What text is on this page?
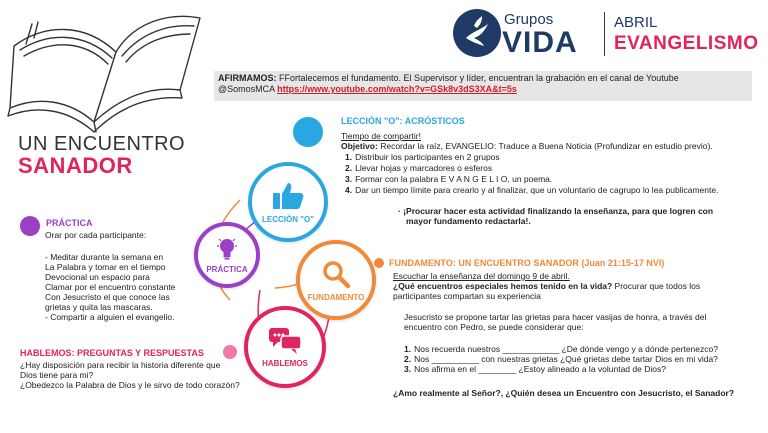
Grupos
VIDA
ABRIL
EVANGELISMO
AFIRMAMOS: FFortalecemos el fundamento. El Supervisor y líder, encuentran la grabación en el canal de Youtube
@SomosMCA https://www.youtube.com/watch?v=GSk8v3dS3XA&t=5s
UN ENCUENTRO
SANADOR
LECCIÓN "O"
PRÁCTICA
FUNDAMENTO
HABLEMOS
LECCIÓN "O": ACRÓSTICOS
Tiempo de compartir!
Objetivo: Recordar la raíz, EVANGELIO: Traduce a Buena Noticia (Profundizar en estudio previo).
1. Distribuir los participantes en 2 grupos
2. Llevar hojas y marcadores o esferos
3. Formar con la palabra E V A N G E L I O, un poema.
4. Dar un tiempo límite para crearlo y al finalizar, que un voluntario de cagrupo lo lea publicamente.
· ¡Procurar hacer esta actividad finalizando la enseñanza, para que logren con
mayor fundamento redactarla!.
PRÁCTICA
Orar por cada participante:
- Meditar durante la semana en
La Palabra y tomar en el tiempo
Devocional un espacio para
Clamar por el encuentro constante
Con Jesucristo el que conoce las
grietas y quita las mascaras.
- Compartir a alguien el evangelio.
HABLEMOS: PREGUNTAS Y RESPUESTAS
¿Hay disposición para recibir la historia diferente que
Dios tiene para mi?
¿Obedezco la Palabra de Dios y le sirvo de todo corazón?
FUNDAMENTO: UN ENCUENTRO SANADOR (Juan 21:15-17 NVI)
Escuchar la enseñanza del domingo 9 de abril.
¿Qué encuentros especiales hemos tenido en la vida? Procurar que todos los
participantes compartan su experiencia
Jesucristo se propone tartar las grietas para hacer vasijas de honra, a través del
encuentro con Pedro, se puede considerar que:
1. Nos recuerda nuestros ____________ ¿De dónde vengo y a dónde pertenezco?
2. Nos __________ con nuestras grietas ¿Qué grietas debe tartar Dios en mi vida?
3. Nos afirma en el ________ ¿Estoy alineado a la voluntad de Dios?
¿Amo realmente al Señor?, ¿Quién desea un Encuentro con Jesucristo, el Sanador?
